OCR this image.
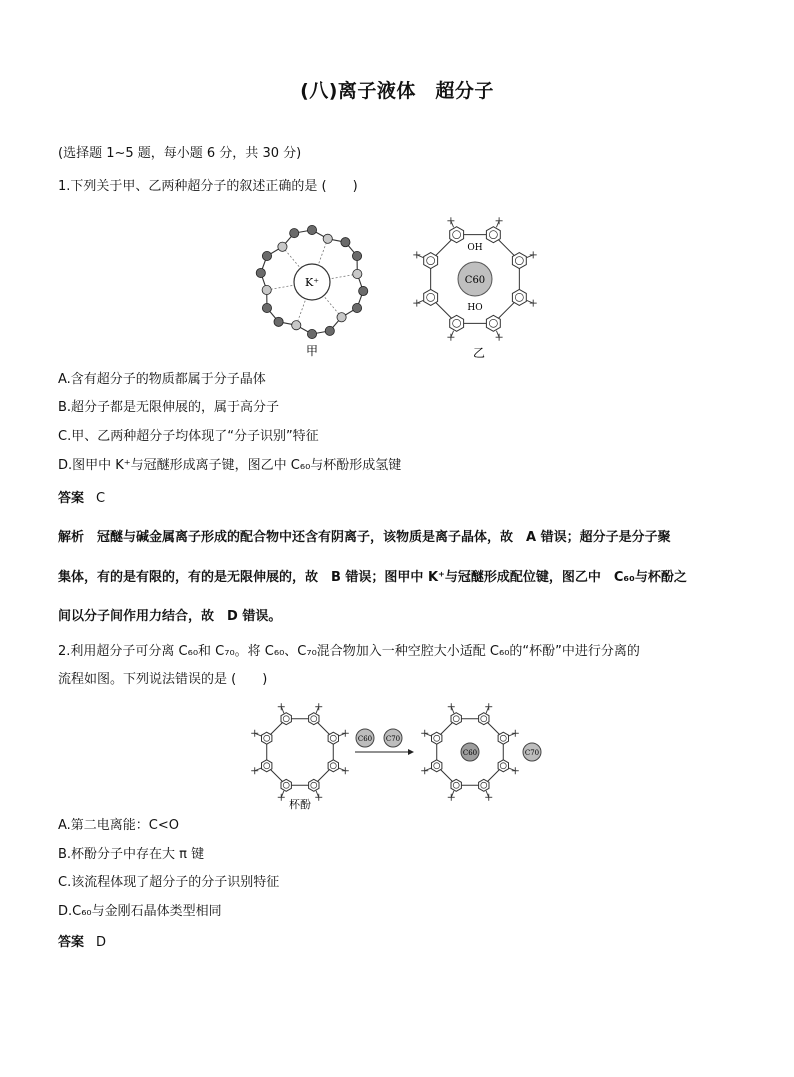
(八)离子液体　超分子
(选择题 1~5 题，每小题 6 分，共 30 分)
1.下列关于甲、乙两种超分子的叙述正确的是 (　　)
K⁺
甲
OH
HO
C60
乙
A.含有超分子的物质都属于分子晶体
B.超分子都是无限伸展的，属于高分子
C.甲、乙两种超分子均体现了“分子识别”特征
D.图甲中 K⁺与冠醚形成离子键，图乙中 C₆₀与杯酚形成氢键
答案 C
解析　冠醚与碱金属离子形成的配合物中还含有阴离子，该物质是离子晶体，故　A 错误；超分子是分子聚
集体，有的是有限的，有的是无限伸展的，故　B 错误；图甲中 K⁺与冠醚形成配位键，图乙中　C₆₀与杯酚之
间以分子间作用力结合，故　D 错误。
2.利用超分子可分离 C₆₀和 C₇₀。将 C₆₀、C₇₀混合物加入一种空腔大小适配 C₆₀的“杯酚”中进行分离的
流程如图。下列说法错误的是 (　　)
杯酚
C60 C70
C60	C70
A.第二电离能：C<O
B.杯酚分子中存在大 π 键
C.该流程体现了超分子的分子识别特征
D.C₆₀与金刚石晶体类型相同
答案 D
